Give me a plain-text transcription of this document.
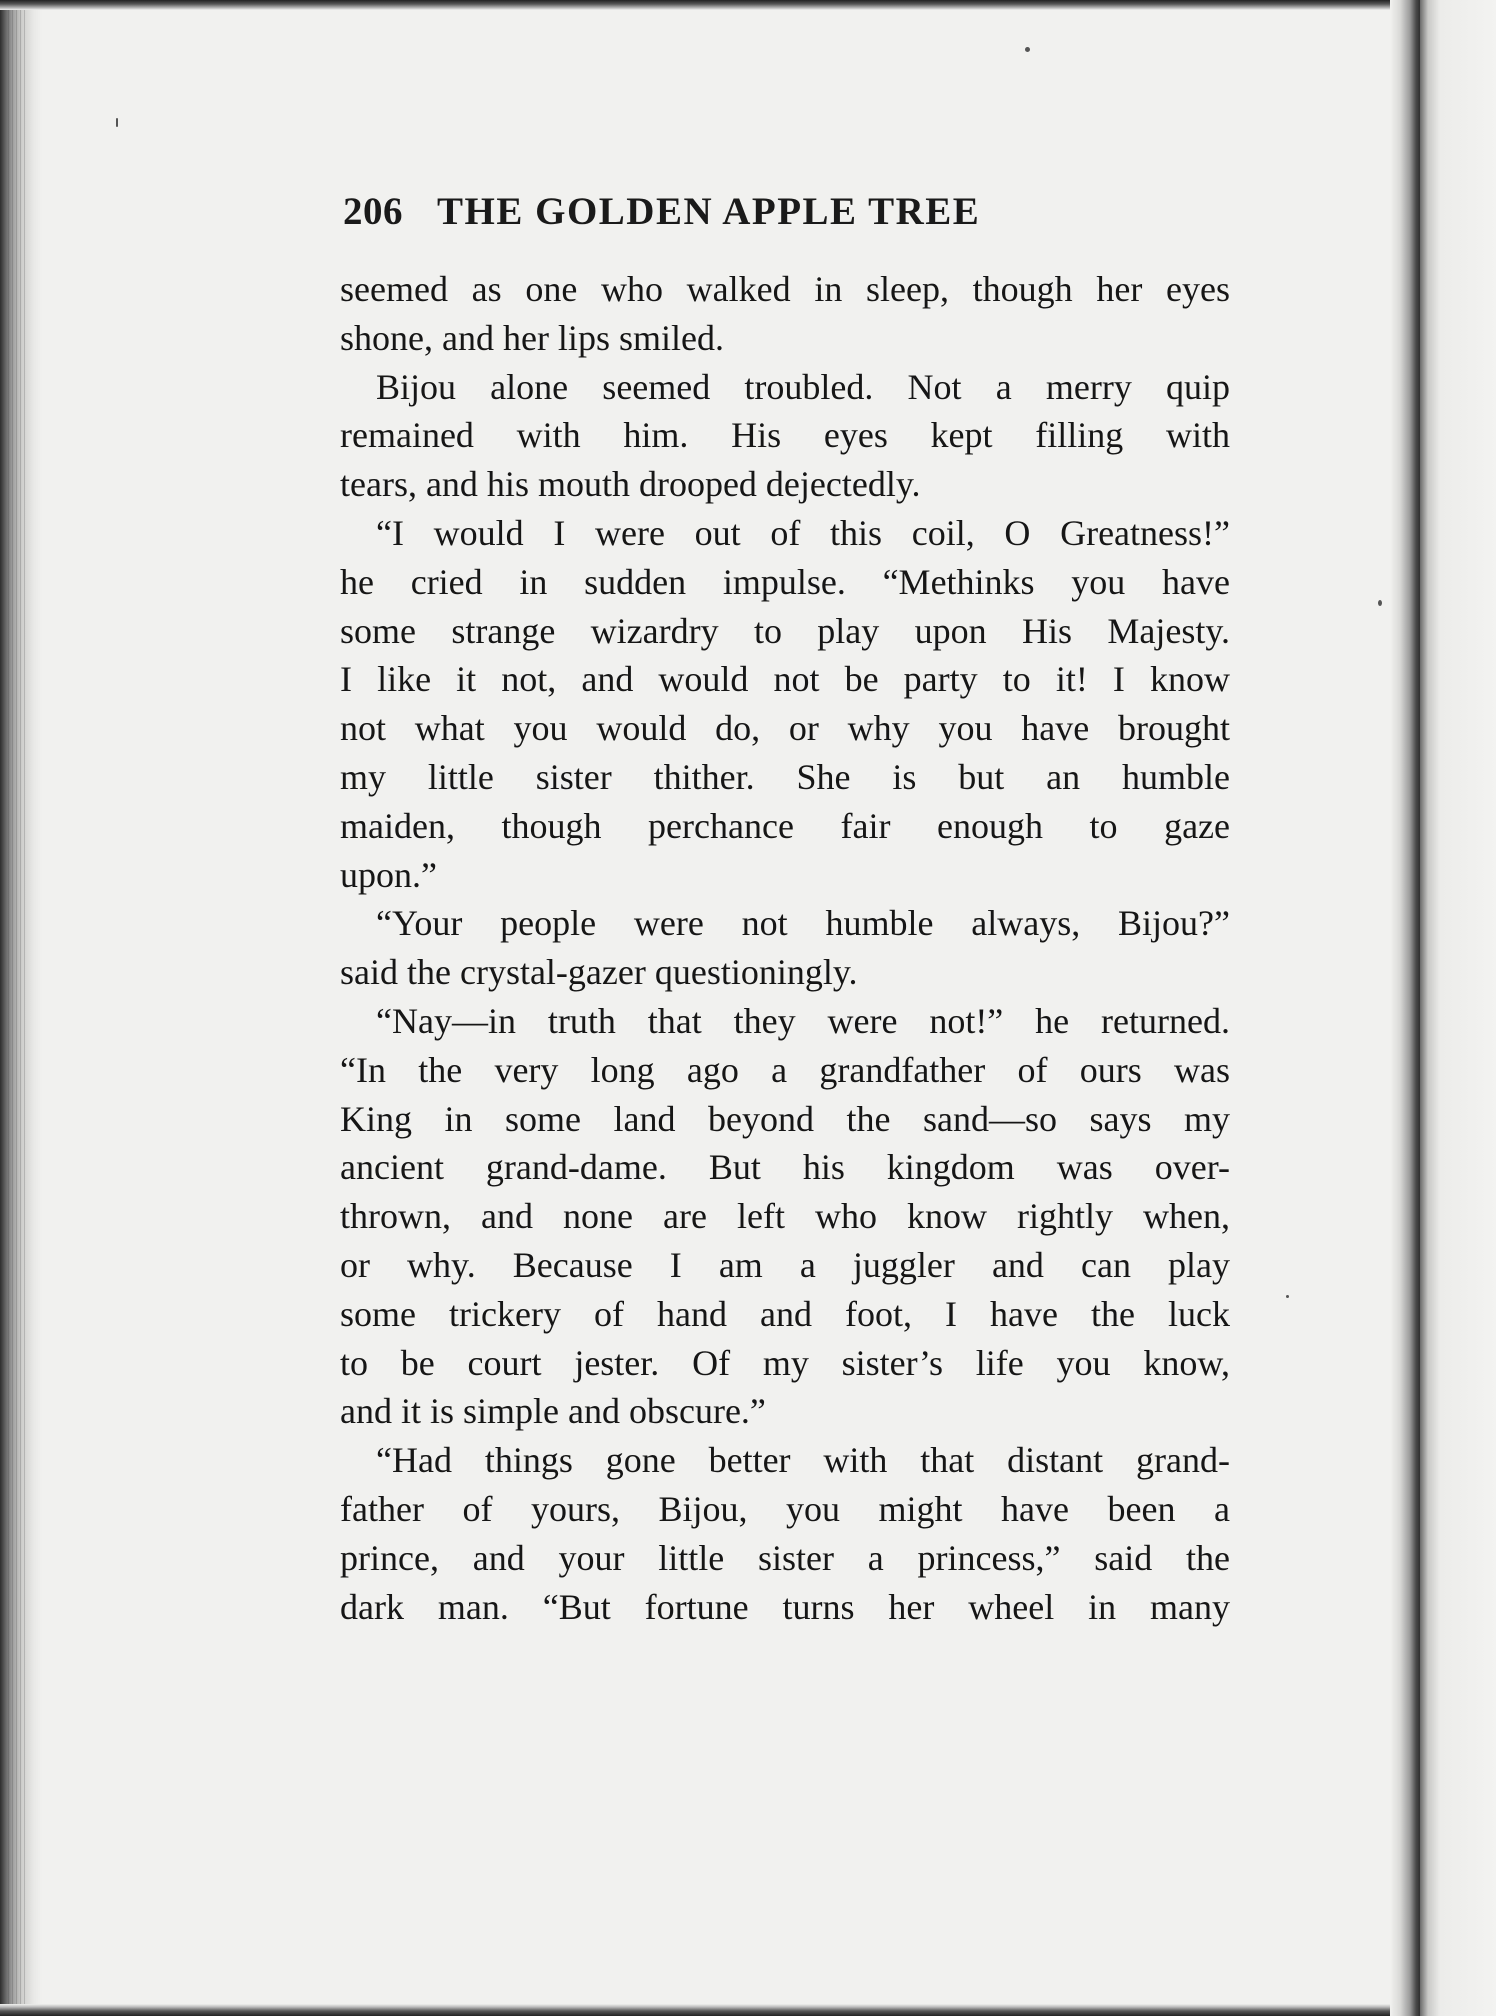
206 THE GOLDEN APPLE TREE
seemed as one who walked in sleep, though her eyes
shone, and her lips smiled.
Bijou alone seemed troubled. Not a merry quip
remained with him. His eyes kept filling with
tears, and his mouth drooped dejectedly.
“I would I were out of this coil, O Greatness!”
he cried in sudden impulse. “Methinks you have
some strange wizardry to play upon His Majesty.
I like it not, and would not be party to it! I know
not what you would do, or why you have brought
my little sister thither. She is but an humble
maiden, though perchance fair enough to gaze
upon.”
“Your people were not humble always, Bijou?”
said the crystal-gazer questioningly.
“Nay—in truth that they were not!” he returned.
“In the very long ago a grandfather of ours was
King in some land beyond the sand—so says my
ancient grand-dame. But his kingdom was over-
thrown, and none are left who know rightly when,
or why. Because I am a juggler and can play
some trickery of hand and foot, I have the luck
to be court jester. Of my sister’s life you know,
and it is simple and obscure.”
“Had things gone better with that distant grand-
father of yours, Bijou, you might have been a
prince, and your little sister a princess,” said the
dark man. “But fortune turns her wheel in many
